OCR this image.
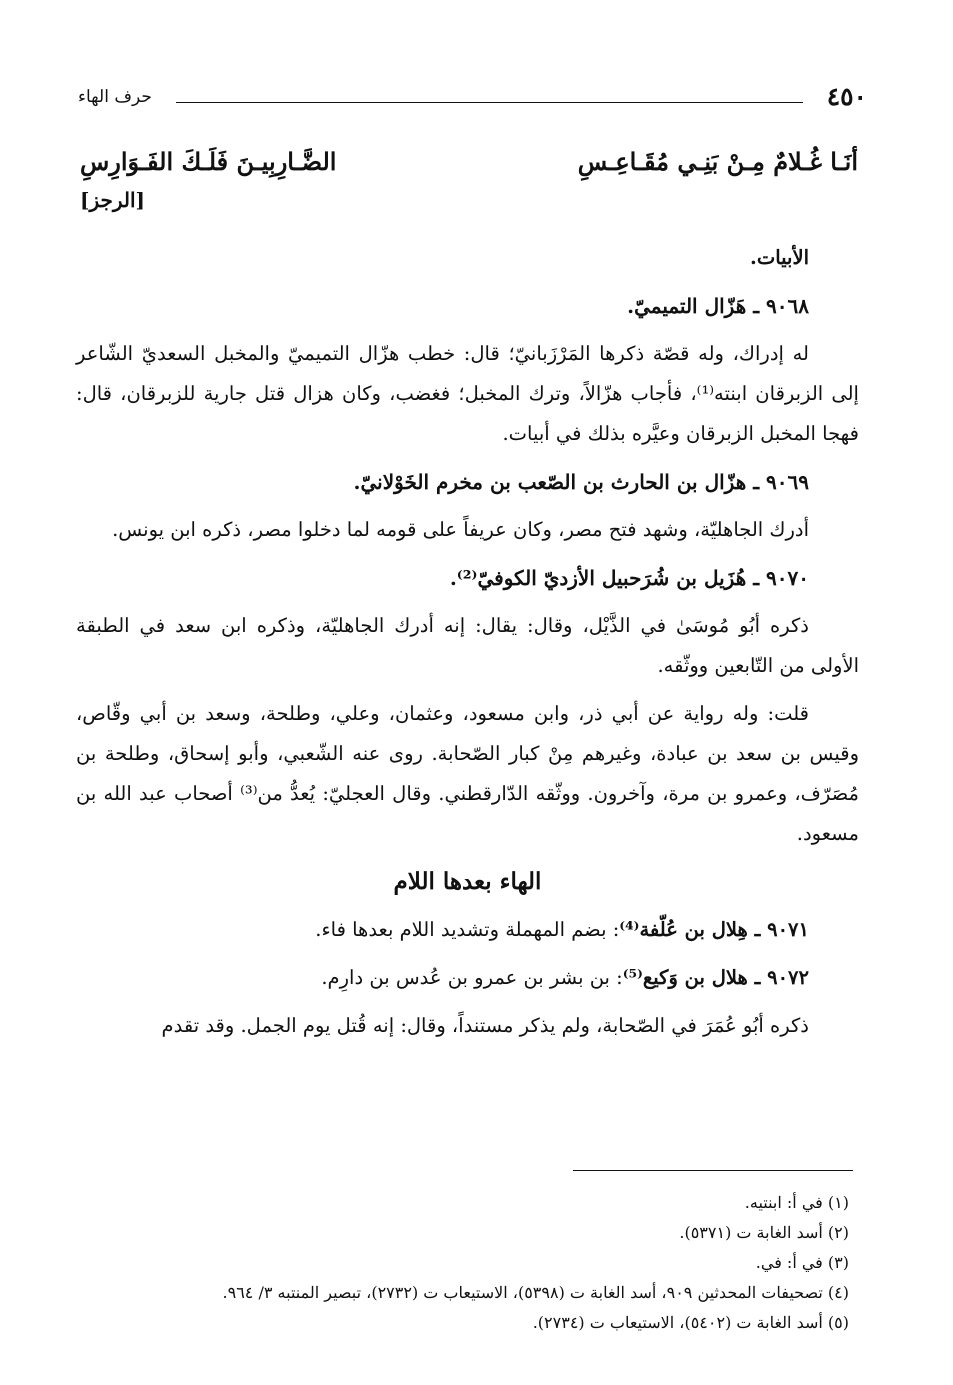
٤٥٠
حرف الهاء
أنَـا غُـلامٌ مِـنْ بَنِـي مُقَـاعِـسِ
الضَّـارِبِيـنَ فَلَـكَ الفَـوَارِسِ
[الرجز]

الأبيات.

٩٠٦٨ ـ هَزّال التميميّ.

له إدراك، وله قصّة ذكرها المَرْزَبانيّ؛ قال: خطب هزّال التميميّ والمخبل السعديّ الشّاعر إلى الزبرقان ابنته⁽¹⁾، فأجاب هزّالاً، وترك المخبل؛ فغضب، وكان هزال قتل جارية للزبرقان، قال: فهجا المخبل الزبرقان وعيَّره بذلك في أبيات.

٩٠٦٩ ـ هزّال بن الحارث بن الصّعب بن مخرم الخَوْلانيّ.

أدرك الجاهليّة، وشهد فتح مصر، وكان عريفاً على قومه لما دخلوا مصر، ذكره ابن يونس.

٩٠٧٠ ـ هُزَيل بن شُرَحبيل الأزديّ الكوفيّ⁽²⁾.

ذكره أبُو مُوسَىٰ في الذَّيْل، وقال: يقال: إنه أدرك الجاهليّة، وذكره ابن سعد في الطبقة الأولى من التّابعين ووثّقه.

قلت: وله رواية عن أبي ذر، وابن مسعود، وعثمان، وعلي، وطلحة، وسعد بن أبي وقّاص، وقيس بن سعد بن عبادة، وغيرهم مِنْ كبار الصّحابة. روى عنه الشّعبي، وأبو إسحاق، وطلحة بن مُصَرّف، وعمرو بن مرة، وآخرون. ووثّقه الدّارقطني. وقال العجليّ: يُعدُّ من⁽³⁾ أصحاب عبد الله بن مسعود.

الهاء بعدها اللام

٩٠٧١ ـ هِلال بن عُلّفة⁽⁴⁾: بضم المهملة وتشديد اللام بعدها فاء.

٩٠٧٢ ـ هلال بن وَكيع⁽⁵⁾: بن بشر بن عمرو بن عُدس بن دارِم.

ذكره أبُو عُمَرَ في الصّحابة، ولم يذكر مستنداً، وقال: إنه قُتل يوم الجمل. وقد تقدم

(١) في أ: ابنتيه.
(٢) أسد الغابة ت (٥٣٧١).
(٣) في أ: في.
(٤) تصحيفات المحدثين ٩٠٩، أسد الغابة ت (٥٣٩٨)، الاستيعاب ت (٢٧٣٢)، تبصير المنتبه ٣/ ٩٦٤.
(٥) أسد الغابة ت (٥٤٠٢)، الاستيعاب ت (٢٧٣٤).
